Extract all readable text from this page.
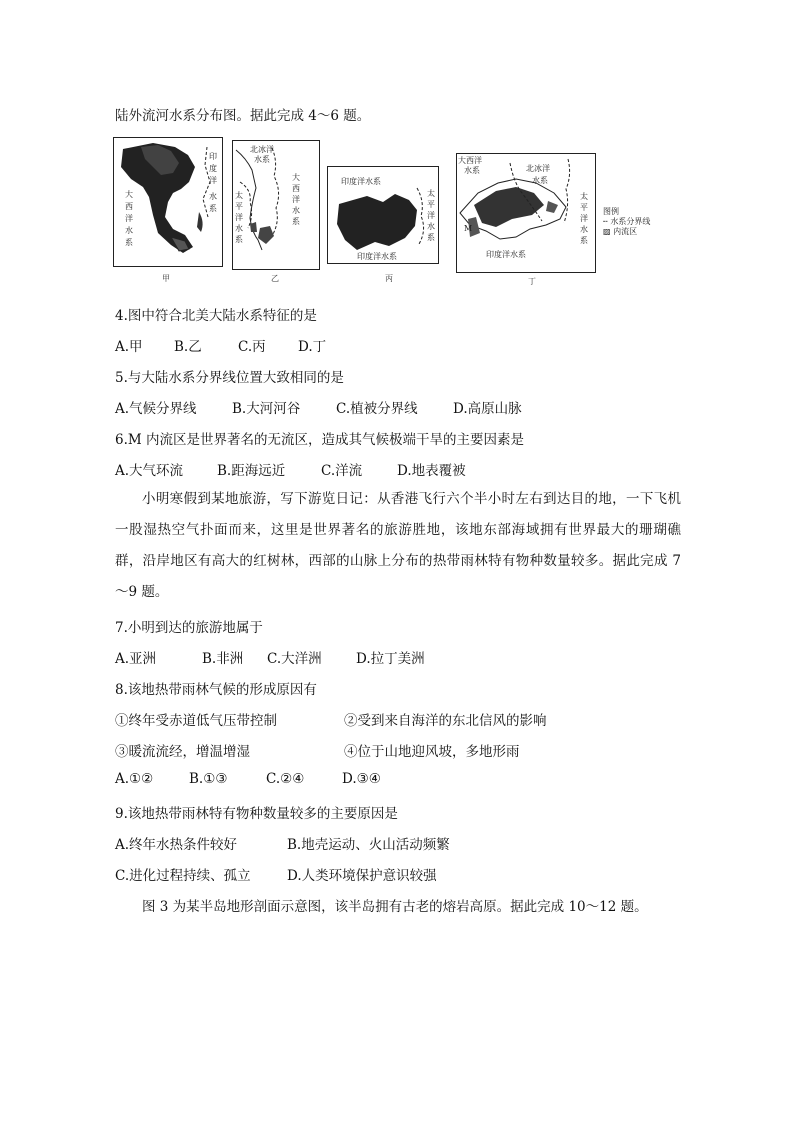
陆外流河水系分布图。据此完成 4～6 题。
印
度
洋
水
系
大
西
洋
水
系
甲
北冰洋
水系
太
平
洋
水
系
大
西
洋
水
系
乙
印度洋水系
印度洋水系
太
平
洋
水
系
丙
大西洋
水系	北冰洋
水系
M
印度洋水系
太
平
洋
水
系
丁
图例
╌ 水系分界线
▨ 内流区
4.图中符合北美大陆水系特征的是
A.甲 B.乙	C.丙 D.丁
5.与大陆水系分界线位置大致相同的是
A.气候分界线	B.大河河谷	C.植被分界线	D.高原山脉
6.M 内流区是世界著名的无流区，造成其气候极端干旱的主要因素是
A.大气环流	B.距海远近	C.洋流	D.地表覆被
小明寒假到某地旅游，写下游览日记：从香港飞行六个半小时左右到达目的地，一下飞机一股湿热空气扑面而来，这里是世界著名的旅游胜地，该地东部海域拥有世界最大的珊瑚礁群，沿岸地区有高大的红树林，西部的山脉上分布的热带雨林特有物种数量较多。据此完成 7～9 题。
7.小明到达的旅游地属于
A.亚洲	B.非洲 C.大洋洲	D.拉丁美洲
8.该地热带雨林气候的形成原因有
①终年受赤道低气压带控制	②受到来自海洋的东北信风的影响
③暖流流经，增温增湿	④位于山地迎风坡，多地形雨
A.①②	B.①③	C.②④	D.③④
9.该地热带雨林特有物种数量较多的主要原因是
A.终年水热条件较好	B.地壳运动、火山活动频繁
C.进化过程持续、孤立	D.人类环境保护意识较强
图 3 为某半岛地形剖面示意图，该半岛拥有古老的熔岩高原。据此完成 10～12 题。
